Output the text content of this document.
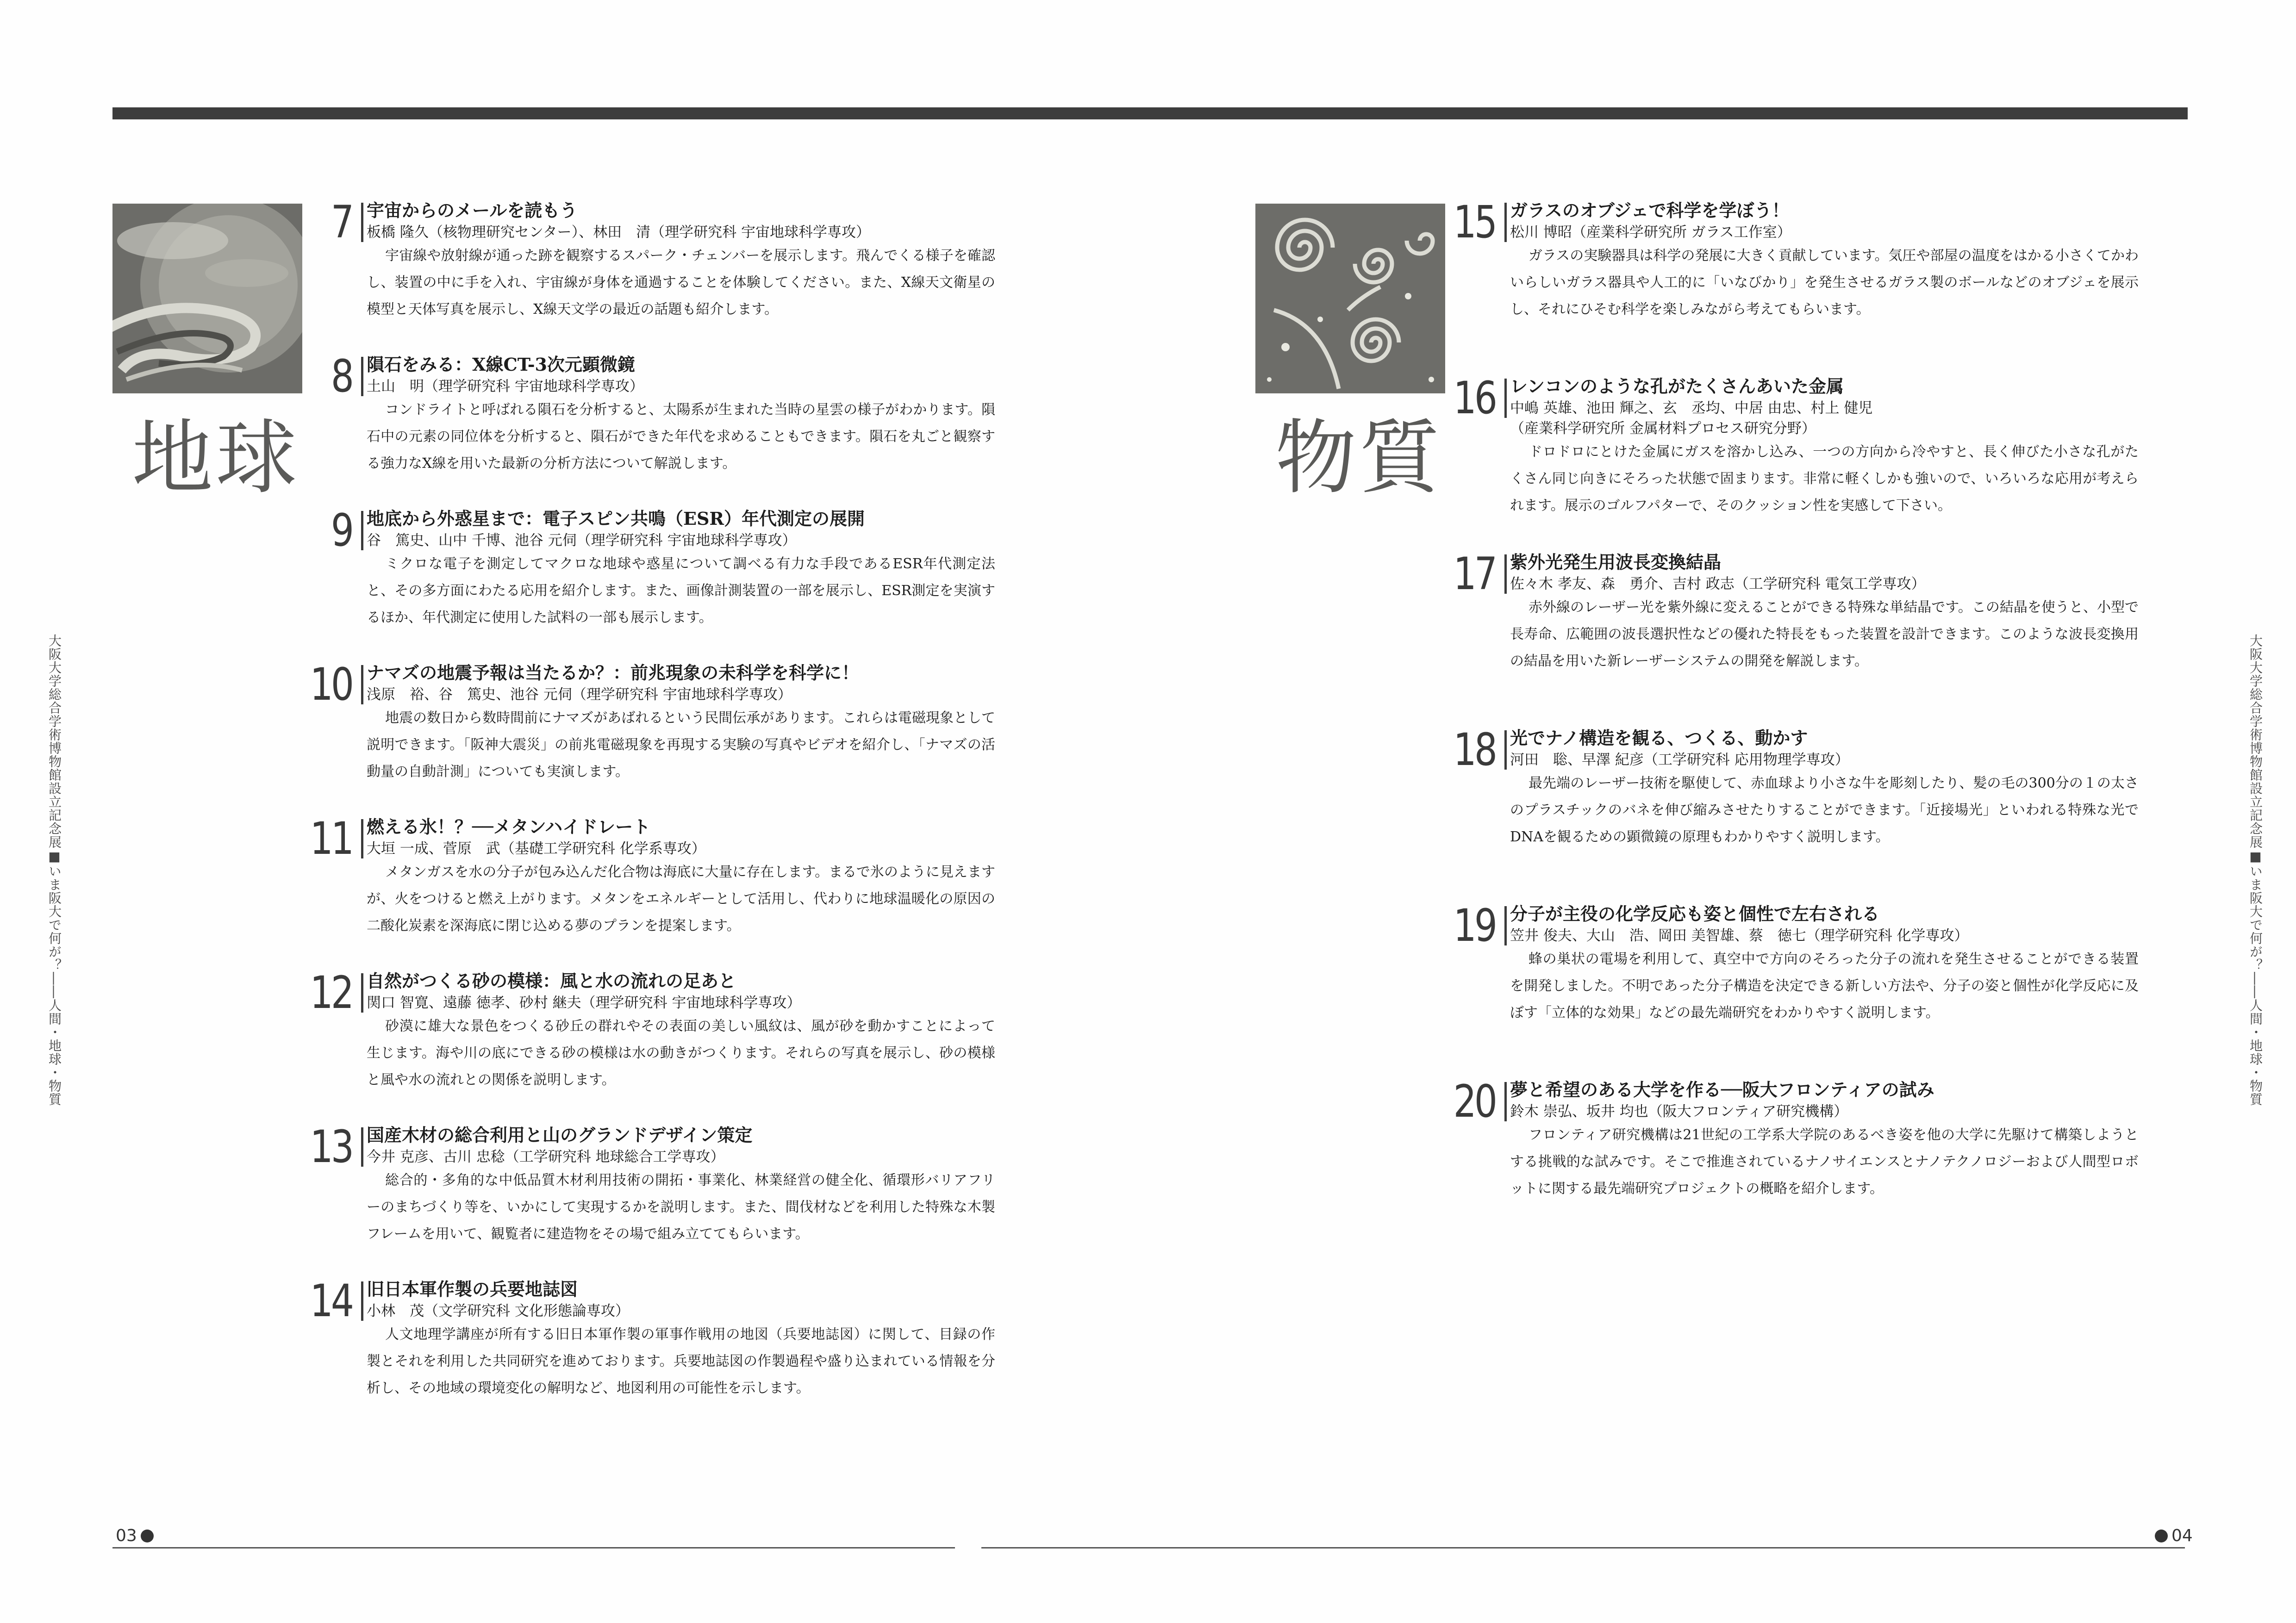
地球
7 宇宙からのメールを読もう
板橋 隆久（核物理研究センター）、林田　清（理学研究科 宇宙地球科学専攻）
宇宙線や放射線が通った跡を観察するスパーク・チェンバーを展示します。飛んでくる様子を確認し、装置の中に手を入れ、宇宙線が身体を通過することを体験してください。また、X線天文衛星の模型と天体写真を展示し、X線天文学の最近の話題も紹介します。
8 隕石をみる：X線CT-3次元顕微鏡
土山　明（理学研究科 宇宙地球科学専攻）
コンドライトと呼ばれる隕石を分析すると、太陽系が生まれた当時の星雲の様子がわかります。隕石中の元素の同位体を分析すると、隕石ができた年代を求めることもできます。隕石を丸ごと観察する強力なX線を用いた最新の分析方法について解説します。
9 地底から外惑星まで：電子スピン共鳴（ESR）年代測定の展開
谷　篤史、山中 千博、池谷 元伺（理学研究科 宇宙地球科学専攻）
ミクロな電子を測定してマクロな地球や惑星について調べる有力な手段であるESR年代測定法と、その多方面にわたる応用を紹介します。また、画像計測装置の一部を展示し、ESR測定を実演するほか、年代測定に使用した試料の一部も展示します。
10 ナマズの地震予報は当たるか？：前兆現象の未科学を科学に！
浅原　裕、谷　篤史、池谷 元伺（理学研究科 宇宙地球科学専攻）
地震の数日から数時間前にナマズがあばれるという民間伝承があります。これらは電磁現象として説明できます。「阪神大震災」の前兆電磁現象を再現する実験の写真やビデオを紹介し、「ナマズの活動量の自動計測」についても実演します。
11 燃える氷！？──メタンハイドレート
大垣 一成、菅原　武（基礎工学研究科 化学系専攻）
メタンガスを水の分子が包み込んだ化合物は海底に大量に存在します。まるで氷のように見えますが、火をつけると燃え上がります。メタンをエネルギーとして活用し、代わりに地球温暖化の原因の二酸化炭素を深海底に閉じ込める夢のプランを提案します。
12 自然がつくる砂の模様：風と水の流れの足あと
関口 智寛、遠藤 徳孝、砂村 継夫（理学研究科 宇宙地球科学専攻）
砂漠に雄大な景色をつくる砂丘の群れやその表面の美しい風紋は、風が砂を動かすことによって生じます。海や川の底にできる砂の模様は水の動きがつくります。それらの写真を展示し、砂の模様と風や水の流れとの関係を説明します。
13 国産木材の総合利用と山のグランドデザイン策定
今井 克彦、古川 忠稔（工学研究科 地球総合工学専攻）
総合的・多角的な中低品質木材利用技術の開拓・事業化、林業経営の健全化、循環形バリアフリーのまちづくり等を、いかにして実現するかを説明します。また、間伐材などを利用した特殊な木製フレームを用いて、観覧者に建造物をその場で組み立ててもらいます。
14 旧日本軍作製の兵要地誌図
小林　茂（文学研究科 文化形態論専攻）
人文地理学講座が所有する旧日本軍作製の軍事作戦用の地図（兵要地誌図）に関して、目録の作製とそれを利用した共同研究を進めております。兵要地誌図の作製過程や盛り込まれている情報を分析し、その地域の環境変化の解明など、地図利用の可能性を示します。
物質
15 ガラスのオブジェで科学を学ぼう！
松川 博昭（産業科学研究所 ガラス工作室）
ガラスの実験器具は科学の発展に大きく貢献しています。気圧や部屋の温度をはかる小さくてかわいらしいガラス器具や人工的に「いなびかり」を発生させるガラス製のボールなどのオブジェを展示し、それにひそむ科学を楽しみながら考えてもらいます。
16 レンコンのような孔がたくさんあいた金属
中嶋 英雄、池田 輝之、玄　丞均、中居 由忠、村上 健児
（産業科学研究所 金属材料プロセス研究分野）
ドロドロにとけた金属にガスを溶かし込み、一つの方向から冷やすと、長く伸びた小さな孔がたくさん同じ向きにそろった状態で固まります。非常に軽くしかも強いので、いろいろな応用が考えられます。展示のゴルフパターで、そのクッション性を実感して下さい。
17 紫外光発生用波長変換結晶
佐々木 孝友、森　勇介、吉村 政志（工学研究科 電気工学専攻）
赤外線のレーザー光を紫外線に変えることができる特殊な単結晶です。この結晶を使うと、小型で長寿命、広範囲の波長選択性などの優れた特長をもった装置を設計できます。このような波長変換用の結晶を用いた新レーザーシステムの開発を解説します。
18 光でナノ構造を観る、つくる、動かす
河田　聡、早澤 紀彦（工学研究科 応用物理学専攻）
最先端のレーザー技術を駆使して、赤血球より小さな牛を彫刻したり、髪の毛の300分の１の太さのプラスチックのバネを伸び縮みさせたりすることができます。「近接場光」といわれる特殊な光でDNAを観るための顕微鏡の原理もわかりやすく説明します。
19 分子が主役の化学反応も姿と個性で左右される
笠井 俊夫、大山　浩、岡田 美智雄、蔡　徳七（理学研究科 化学専攻）
蜂の巣状の電場を利用して、真空中で方向のそろった分子の流れを発生させることができる装置を開発しました。不明であった分子構造を決定できる新しい方法や、分子の姿と個性が化学反応に及ぼす「立体的な効果」などの最先端研究をわかりやすく説明します。
20 夢と希望のある大学を作る──阪大フロンティアの試み
鈴木 崇弘、坂井 均也（阪大フロンティア研究機構）
フロンティア研究機構は21世紀の工学系大学院のあるべき姿を他の大学に先駆けて構築しようとする挑戦的な試みです。そこで推進されているナノサイエンスとナノテクノロジーおよび人間型ロボットに関する最先端研究プロジェクトの概略を紹介します。
大阪大学総合学術博物館設立記念展■いま阪大で何が？――人間・地球・物質	大阪大学総合学術博物館設立記念展■いま阪大で何が？――人間・地球・物質
03	04
